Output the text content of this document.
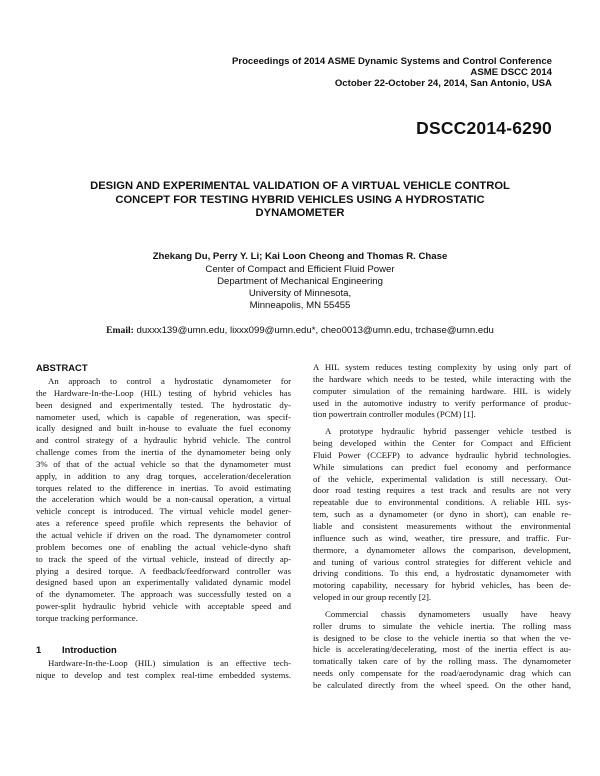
Proceedings of 2014 ASME Dynamic Systems and Control Conference
ASME DSCC 2014
October 22-October 24, 2014, San Antonio, USA
DSCC2014-6290
DESIGN AND EXPERIMENTAL VALIDATION OF A VIRTUAL VEHICLE CONTROL
CONCEPT FOR TESTING HYBRID VEHICLES USING A HYDROSTATIC
DYNAMOMETER
Zhekang Du, Perry Y. Li; Kai Loon Cheong and Thomas R. Chase
Center of Compact and Efficient Fluid Power
Department of Mechanical Engineering
University of Minnesota,
Minneapolis, MN 55455
Email: duxxx139@umn.edu, lixxx099@umn.edu*, cheo0013@umn.edu, trchase@umn.edu
ABSTRACT
An approach to control a hydrostatic dynamometer for
the Hardware-In-the-Loop (HIL) testing of hybrid vehicles has
been designed and experimentally tested. The hydrostatic dy-
namometer used, which is capable of regeneration, was specif-
ically designed and built in-house to evaluate the fuel economy
and control strategy of a hydraulic hybrid vehicle. The control
challenge comes from the inertia of the dynamometer being only
3% of that of the actual vehicle so that the dynamometer must
apply, in addition to any drag torques, acceleration/deceleration
torques related to the difference in inertias. To avoid estimating
the acceleration which would be a non-causal operation, a virtual
vehicle concept is introduced. The virtual vehicle model gener-
ates a reference speed profile which represents the behavior of
the actual vehicle if driven on the road. The dynamometer control
problem becomes one of enabling the actual vehicle-dyno shaft
to track the speed of the virtual vehicle, instead of directly ap-
plying a desired torque. A feedback/feedforward controller was
designed based upon an experimentally validated dynamic model
of the dynamometer. The approach was successfully tested on a
power-split hydraulic hybrid vehicle with acceptable speed and
torque tracking performance.
1 Introduction
Hardware-In-the-Loop (HIL) simulation is an effective tech-
nique to develop and test complex real-time embedded systems.
A HIL system reduces testing complexity by using only part of
the hardware which needs to be tested, while interacting with the
computer simulation of the remaining hardware. HIL is widely
used in the automotive industry to verify performance of produc-
tion powertrain controller modules (PCM) [1].
A prototype hydraulic hybrid passenger vehicle testbed is
being developed within the Center for Compact and Efficient
Fluid Power (CCEFP) to advance hydraulic hybrid technologies.
While simulations can predict fuel economy and performance
of the vehicle, experimental validation is still necessary. Out-
door road testing requires a test track and results are not very
repeatable due to environmental conditions. A reliable HIL sys-
tem, such as a dynamometer (or dyno in short), can enable re-
liable and consistent measurements without the environmental
influence such as wind, weather, tire pressure, and traffic. Fur-
thermore, a dynamometer allows the comparison, development,
and tuning of various control strategies for different vehicle and
driving conditions. To this end, a hydrostatic dynamometer with
motoring capability, necessary for hybrid vehicles, has been de-
veloped in our group recently [2].
Commercial chassis dynamometers usually have heavy
roller drums to simulate the vehicle inertia. The rolling mass
is designed to be close to the vehicle inertia so that when the ve-
hicle is accelerating/decelerating, most of the inertia effect is au-
tomatically taken care of by the rolling mass. The dynamometer
needs only compensate for the road/aerodynamic drag which can
be calculated directly from the wheel speed. On the other hand,
